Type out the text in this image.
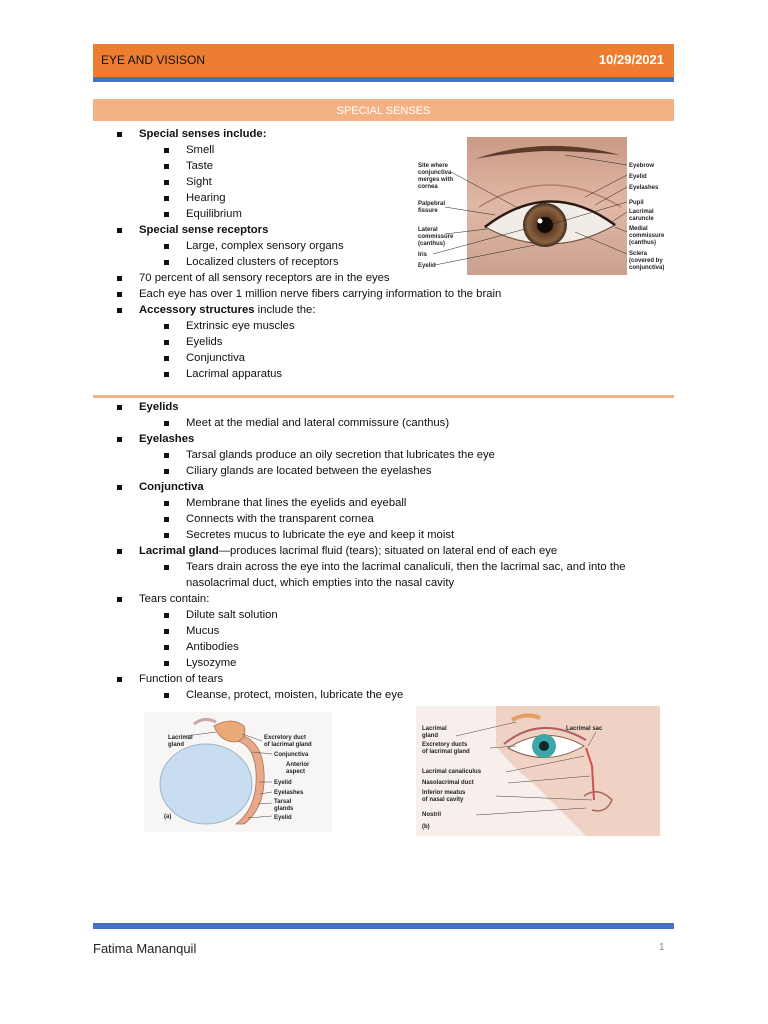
EYE AND VISISON	10/29/2021
SPECIAL SENSES
Special senses include:
Smell
Taste
Sight
Hearing
Equilibrium
Special sense receptors
Large, complex sensory organs
Localized clusters of receptors
70 percent of all sensory receptors are in the eyes
Each eye has over 1 million nerve fibers carrying information to the brain
Accessory structures include the:
Extrinsic eye muscles
Eyelids
Conjunctiva
Lacrimal apparatus
Eyelids
Meet at the medial and lateral commissure (canthus)
Eyelashes
Tarsal glands produce an oily secretion that lubricates the eye
Ciliary glands are located between the eyelashes
Conjunctiva
Membrane that lines the eyelids and eyeball
Connects with the transparent cornea
Secretes mucus to lubricate the eye and keep it moist
Lacrimal gland—produces lacrimal fluid (tears); situated on lateral end of each eye
Tears drain across the eye into the lacrimal canaliculi, then the lacrimal sac, and into the
nasolacrimal duct, which empties into the nasal cavity
Tears contain:
Dilute salt solution
Mucus
Antibodies
Lysozyme
Function of tears
Cleanse, protect, moisten, lubricate the eye
Site where
conjunctiva
merges with
cornea
Palpebral
fissure
Lateral
commissure
(canthus)
Iris
Eyelid
Eyebrow
Eyelid
Eyelashes
Pupil
Lacrimal
caruncle
Medial
commissure
(canthus)
Sclera
(covered by
conjunctiva)
Lacrimal
gland
Excretory duct
of lacrimal gland
Conjunctiva
Anterior
aspect
Eyelid
Eyelashes
Tarsal
glands
Eyelid
(a)
Lacrimal
gland
Lacrimal sac
Excretory ducts
of lacrimal gland
Lacrimal canaliculus
Nasolacrimal duct
Inferior meatus
of nasal cavity
Nostril
(b)
Fatima Mananquil	1
